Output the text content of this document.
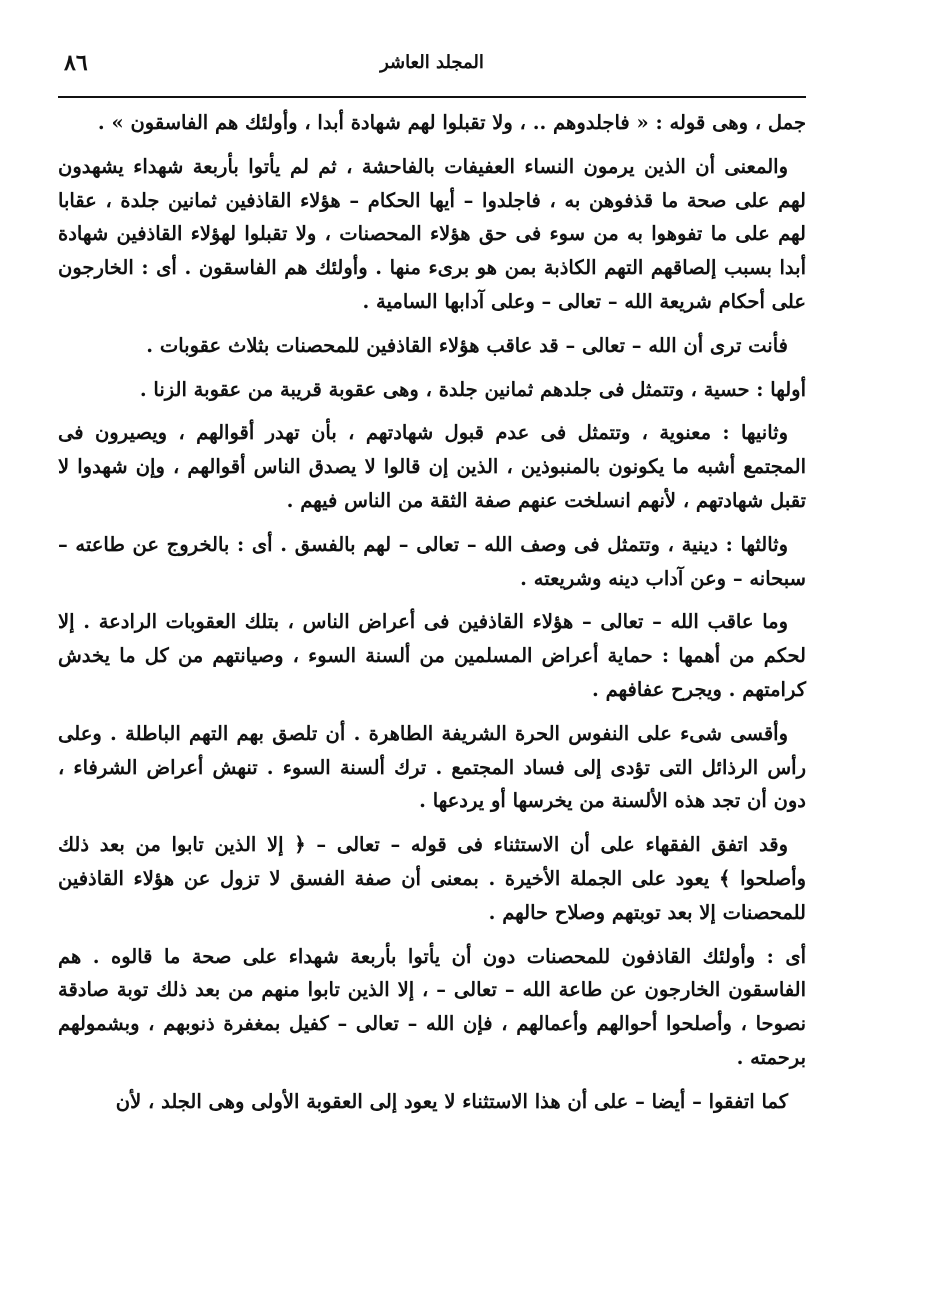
٨٦	المجلد العاشر

جمل ، وهى قوله : « فاجلدوهم .. ، ولا تقبلوا لهم شهادة أبدا ، وأولئك هم الفاسقون » .

والمعنى أن الذين يرمون النساء العفيفات بالفاحشة ، ثم لم يأتوا بأربعة شهداء يشهدون لهم على صحة ما قذفوهن به ، فاجلدوا – أيها الحكام – هؤلاء القاذفين ثمانين جلدة ، عقابا لهم على ما تفوهوا به من سوء فى حق هؤلاء المحصنات ، ولا تقبلوا لهؤلاء القاذفين شهادة أبدا بسبب إلصاقهم التهم الكاذبة بمن هو برىء منها . وأولئك هم الفاسقون . أى : الخارجون على أحكام شريعة الله – تعالى – وعلى آدابها السامية .

فأنت ترى أن الله – تعالى – قد عاقب هؤلاء القاذفين للمحصنات بثلاث عقوبات .

أولها : حسية ، وتتمثل فى جلدهم ثمانين جلدة ، وهى عقوبة قريبة من عقوبة الزنا .

وثانيها : معنوية ، وتتمثل فى عدم قبول شهادتهم ، بأن تهدر أقوالهم ، ويصيرون فى المجتمع أشبه ما يكونون بالمنبوذين ، الذين إن قالوا لا يصدق الناس أقوالهم ، وإن شهدوا لا تقبل شهادتهم ، لأنهم انسلخت عنهم صفة الثقة من الناس فيهم .

وثالثها : دينية ، وتتمثل فى وصف الله – تعالى – لهم بالفسق . أى : بالخروج عن طاعته – سبحانه – وعن آداب دينه وشريعته .

وما عاقب الله – تعالى – هؤلاء القاذفين فى أعراض الناس ، بتلك العقوبات الرادعة . إلا لحكم من أهمها : حماية أعراض المسلمين من ألسنة السوء ، وصيانتهم من كل ما يخدش كرامتهم . ويجرح عفافهم .

وأقسى شىء على النفوس الحرة الشريفة الطاهرة . أن تلصق بهم التهم الباطلة . وعلى رأس الرذائل التى تؤدى إلى فساد المجتمع . ترك ألسنة السوء . تنهش أعراض الشرفاء ، دون أن تجد هذه الألسنة من يخرسها أو يردعها .

وقد اتفق الفقهاء على أن الاستثناء فى قوله – تعالى – ﴿ إلا الذين تابوا من بعد ذلك وأصلحوا ﴾ يعود على الجملة الأخيرة . بمعنى أن صفة الفسق لا تزول عن هؤلاء القاذفين للمحصنات إلا بعد توبتهم وصلاح حالهم .

أى : وأولئك القاذفون للمحصنات دون أن يأتوا بأربعة شهداء على صحة ما قالوه . هم الفاسقون الخارجون عن طاعة الله – تعالى – ، إلا الذين تابوا منهم من بعد ذلك توبة صادقة نصوحا ، وأصلحوا أحوالهم وأعمالهم ، فإن الله – تعالى – كفيل بمغفرة ذنوبهم ، وبشمولهم برحمته .

كما اتفقوا – أيضا – على أن هذا الاستثناء لا يعود إلى العقوبة الأولى وهى الجلد ، لأن
